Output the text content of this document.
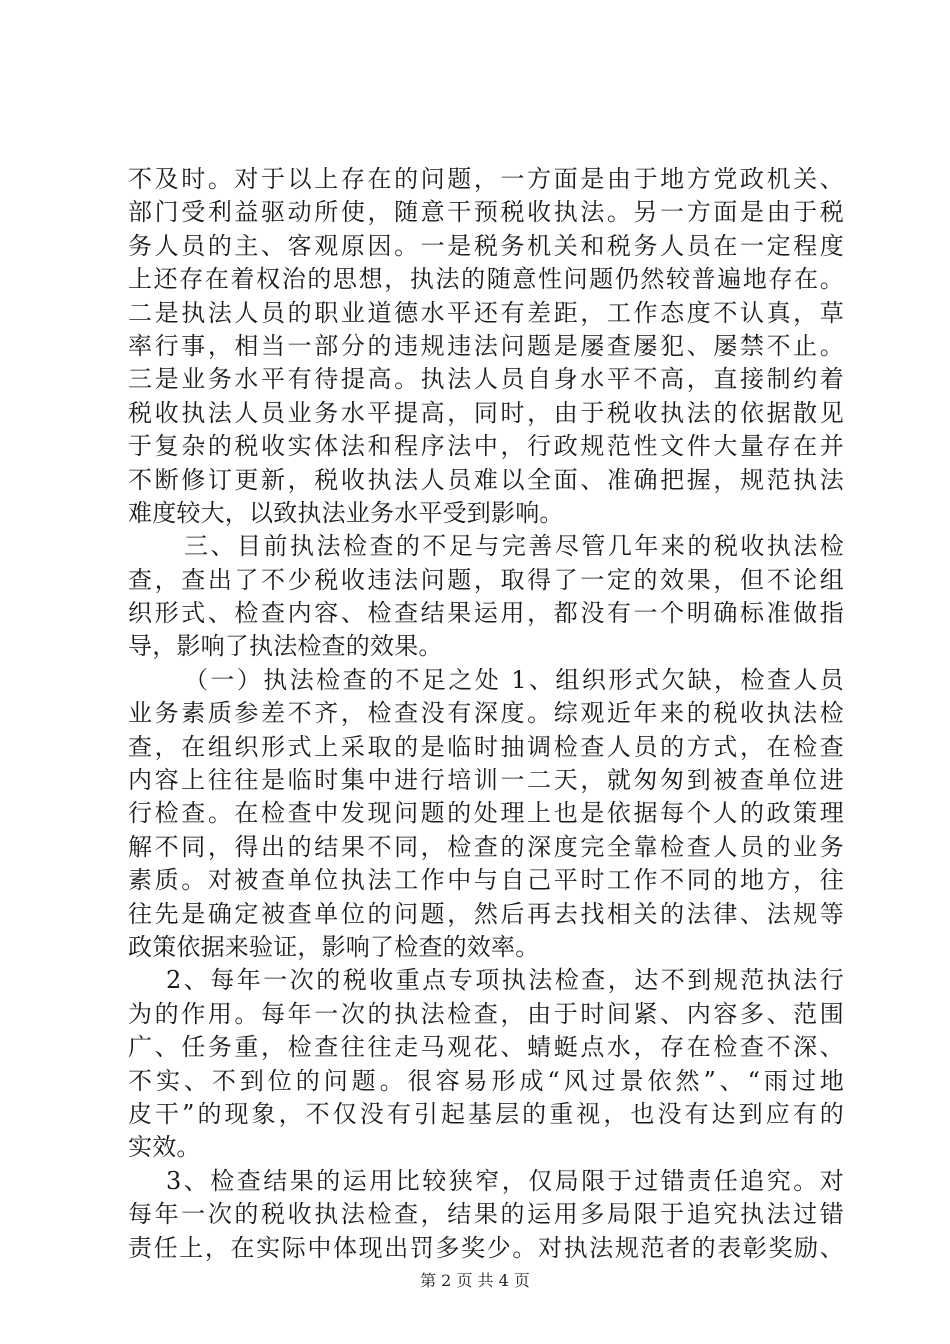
不及时。对于以上存在的问题，一方面是由于地方党政机关、
部门受利益驱动所使，随意干预税收执法。另一方面是由于税
务人员的主、客观原因。一是税务机关和税务人员在一定程度
上还存在着权治的思想，执法的随意性问题仍然较普遍地存在。
二是执法人员的职业道德水平还有差距，工作态度不认真，草
率行事，相当一部分的违规违法问题是屡查屡犯、屡禁不止。
三是业务水平有待提高。执法人员自身水平不高，直接制约着
税收执法人员业务水平提高，同时，由于税收执法的依据散见
于复杂的税收实体法和程序法中，行政规范性文件大量存在并
不断修订更新，税收执法人员难以全面、准确把握，规范执法
难度较大，以致执法业务水平受到影响。
三、目前执法检查的不足与完善尽管几年来的税收执法检
查，查出了不少税收违法问题，取得了一定的效果，但不论组
织形式、检查内容、检查结果运用，都没有一个明确标准做指
导，影响了执法检查的效果。
（一）执法检查的不足之处 1、组织形式欠缺，检查人员
业务素质参差不齐，检查没有深度。综观近年来的税收执法检
查，在组织形式上采取的是临时抽调检查人员的方式，在检查
内容上往往是临时集中进行培训一二天，就匆匆到被查单位进
行检查。在检查中发现问题的处理上也是依据每个人的政策理
解不同，得出的结果不同，检查的深度完全靠检查人员的业务
素质。对被查单位执法工作中与自己平时工作不同的地方，往
往先是确定被查单位的问题，然后再去找相关的法律、法规等
政策依据来验证，影响了检查的效率。
2、每年一次的税收重点专项执法检查，达不到规范执法行
为的作用。每年一次的执法检查，由于时间紧、内容多、范围
广、任务重，检查往往走马观花、蜻蜓点水，存在检查不深、
不实、不到位的问题。很容易形成“风过景依然”、“雨过地
皮干”的现象，不仅没有引起基层的重视，也没有达到应有的
实效。
3、检查结果的运用比较狭窄，仅局限于过错责任追究。对
每年一次的税收执法检查，结果的运用多局限于追究执法过错
责任上，在实际中体现出罚多奖少。对执法规范者的表彰奖励、
第 2 页 共 4 页
